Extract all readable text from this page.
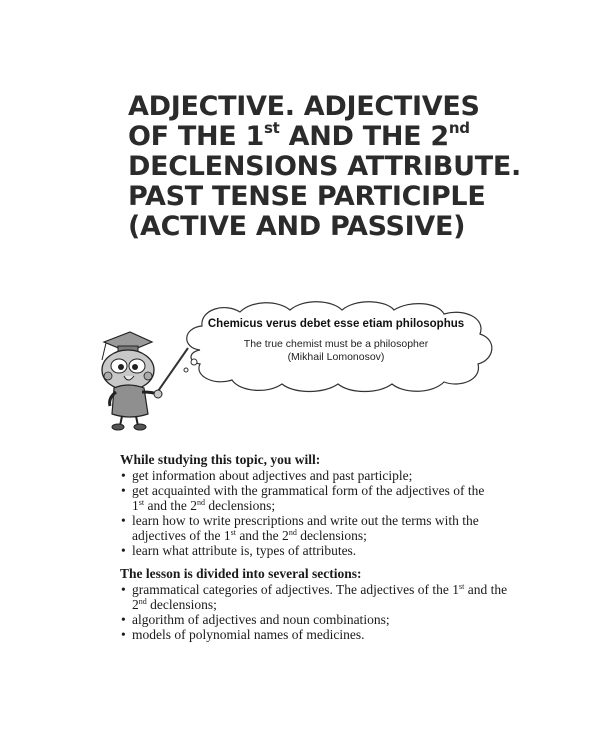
ADJECTIVE. ADJECTIVES
OF THE 1st AND THE 2nd
DECLENSIONS ATTRIBUTE.
PAST TENSE PARTICIPLE
(ACTIVE AND PASSIVE)
Chemicus verus debet esse etiam philosophus
The true chemist must be a philosopher
(Mikhail Lomonosov)
While studying this topic, you will:
• get information about adjectives and past participle;
• get acquainted with the grammatical form of the adjectives of the
1st and the 2nd declensions;
• learn how to write prescriptions and write out the terms with the adjectives of the 1st and the 2nd declensions;
• learn what attribute is, types of attributes.
The lesson is divided into several sections:
• grammatical categories of adjectives. The adjectives of the 1st and the 2nd declensions;
• algorithm of adjectives and noun combinations;
• models of polynomial names of medicines.
